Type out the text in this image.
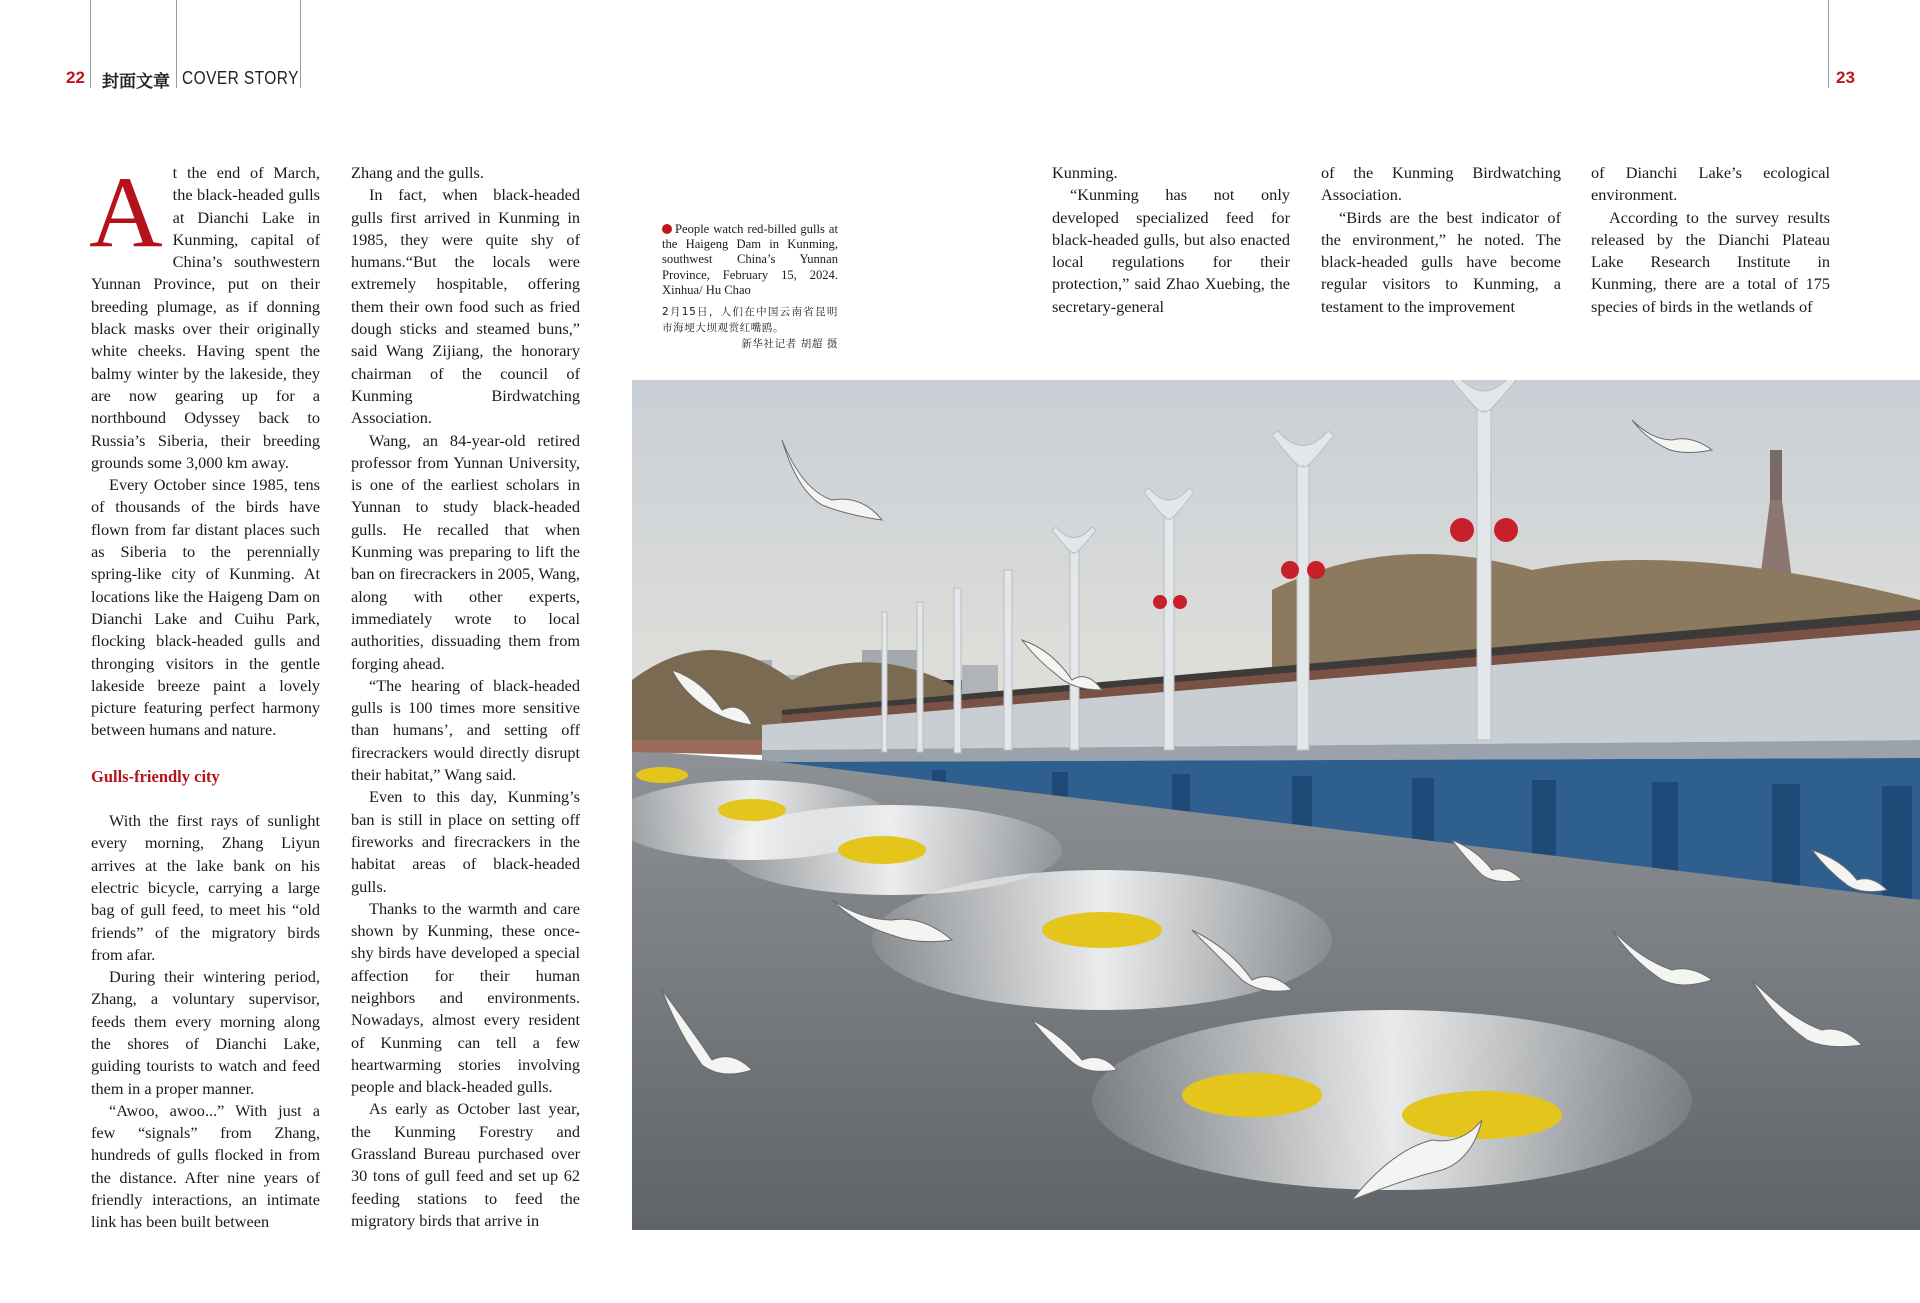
22 封面文章 COVER STORY	23

At the end of March, the black-headed gulls at Dianchi Lake in Kunming, capital of China’s southwestern Yunnan Province, put on their breeding plumage, as if donning black masks over their originally white cheeks. Having spent the balmy winter by the lakeside, they are now gearing up for a northbound Odyssey back to Russia’s Siberia, their breeding grounds some 3,000 km away.

Every October since 1985, tens of thousands of the birds have flown from far distant places such as Siberia to the perennially spring-like city of Kunming. At locations like the Haigeng Dam on Dianchi Lake and Cuihu Park, flocking black-headed gulls and thronging visitors in the gentle lakeside breeze paint a lovely picture featuring perfect harmony between humans and nature.

Gulls-friendly city

With the first rays of sunlight every morning, Zhang Liyun arrives at the lake bank on his electric bicycle, carrying a large bag of gull feed, to meet his “old friends” of the migratory birds from afar.

During their wintering period, Zhang, a voluntary supervisor, feeds them every morning along the shores of Dianchi Lake, guiding tourists to watch and feed them in a proper manner.

“Awoo, awoo...” With just a few “signals” from Zhang, hundreds of gulls flocked in from the distance. After nine years of friendly interactions, an intimate link has been built between

Zhang and the gulls.

In fact, when black-headed gulls first arrived in Kunming in 1985, they were quite shy of humans.“But the locals were extremely hospitable, offering them their own food such as fried dough sticks and steamed buns,” said Wang Zijiang, the honorary chairman of the council of Kunming Birdwatching Association.

Wang, an 84-year-old retired professor from Yunnan University, is one of the earliest scholars in Yunnan to study black-headed gulls. He recalled that when Kunming was preparing to lift the ban on firecrackers in 2005, Wang, along with other experts, immediately wrote to local authorities, dissuading them from forging ahead.

“The hearing of black-headed gulls is 100 times more sensitive than humans’, and setting off firecrackers would directly disrupt their habitat,” Wang said.

Even to this day, Kunming’s ban is still in place on setting off fireworks and firecrackers in the habitat areas of black-headed gulls.

Thanks to the warmth and care shown by Kunming, these once-shy birds have developed a special affection for their human neighbors and environments. Nowadays, almost every resident of Kunming can tell a few heartwarming stories involving people and black-headed gulls.

As early as October last year, the Kunming Forestry and Grassland Bureau purchased over 30 tons of gull feed and set up 62 feeding stations to feed the migratory birds that arrive in

People watch red-billed gulls at the Haigeng Dam in Kunming, southwest China’s Yunnan Province, February 15, 2024. Xinhua/ Hu Chao
2月15日，人们在中国云南省昆明市海埂大坝观赏红嘴鸥。
新华社记者 胡超 摄

Kunming.

“Kunming has not only developed specialized feed for black-headed gulls, but also enacted local regulations for their protection,” said Zhao Xuebing, the secretary-general

of the Kunming Birdwatching Association.

“Birds are the best indicator of the environment,” he noted. The black-headed gulls have become regular visitors to Kunming, a testament to the improvement

of Dianchi Lake’s ecological environment.

According to the survey results released by the Dianchi Plateau Lake Research Institute in Kunming, there are a total of 175 species of birds in the wetlands of
